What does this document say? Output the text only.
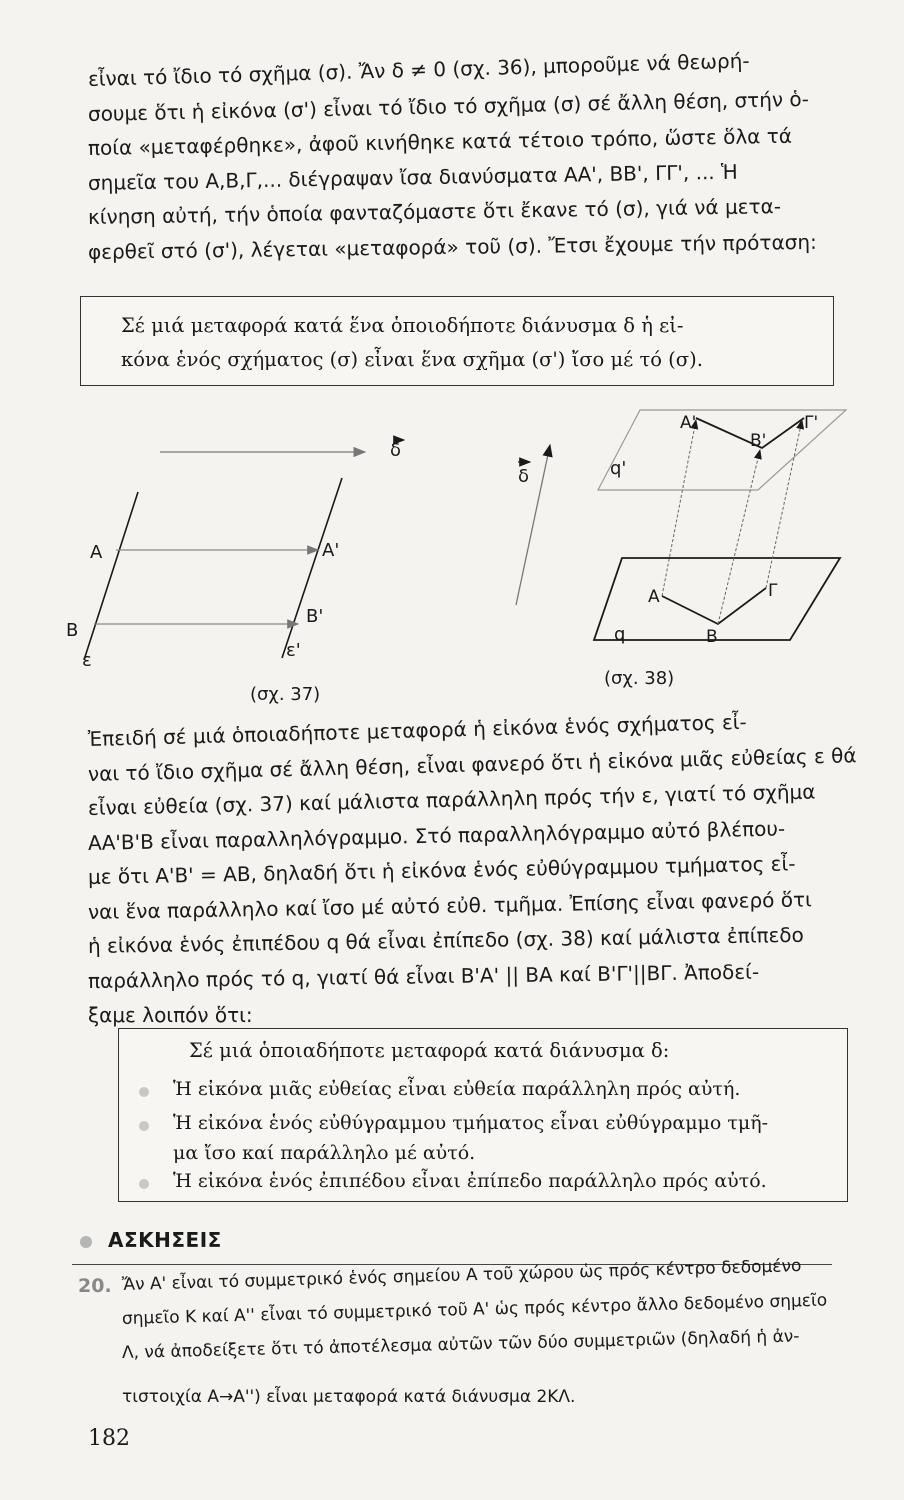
εἶναι τό ἴδιο τό σχῆμα (σ). Ἄν δ ≠ 0 (σχ. 36), μποροῦμε νά θεωρή-
σουμε ὅτι ἡ εἰκόνα (σ') εἶναι τό ἴδιο τό σχῆμα (σ) σέ ἄλλη θέση, στήν ὁ-
ποία «μεταφέρθηκε», ἀφοῦ κινήθηκε κατά τέτοιο τρόπο, ὥστε ὅλα τά
σημεῖα του Α,Β,Γ,... διέγραψαν ἴσα διανύσματα ΑΑ', ΒΒ', ΓΓ', ... Ἡ
κίνηση αὐτή, τήν ὁποία φανταζόμαστε ὅτι ἔκανε τό (σ), γιά νά μετα-
φερθεῖ στό (σ'), λέγεται «μεταφορά» τοῦ (σ). Ἔτσι ἔχουμε τήν πρόταση:
Σέ μιά μεταφορά κατά ἕνα ὁποιοδήποτε διάνυσμα δ ἡ εἰ-
κόνα ἑνός σχήματος (σ) εἶναι ἕνα σχῆμα (σ') ἴσο μέ τό (σ).
δ
Α	Α'
Β
Β'
ε	ε'
(σχ. 37)
δ	q'
Α'
Β'
Γ'
Α
Β
Γ
q
(σχ. 38)
Ἐπειδή σέ μιά ὁποιαδήποτε μεταφορά ἡ εἰκόνα ἑνός σχήματος εἶ-
ναι τό ἴδιο σχῆμα σέ ἄλλη θέση, εἶναι φανερό ὅτι ἡ εἰκόνα μιᾶς εὐθείας ε θά
εἶναι εὐθεία (σχ. 37) καί μάλιστα παράλληλη πρός τήν ε, γιατί τό σχῆμα
ΑΑ'Β'Β εἶναι παραλληλόγραμμο. Στό παραλληλόγραμμο αὐτό βλέπου-
με ὅτι Α'Β' = ΑΒ, δηλαδή ὅτι ἡ εἰκόνα ἑνός εὐθύγραμμου τμήματος εἶ-
ναι ἕνα παράλληλο καί ἴσο μέ αὐτό εὐθ. τμῆμα. Ἐπίσης εἶναι φανερό ὅτι
ἡ εἰκόνα ἑνός ἐπιπέδου q θά εἶναι ἐπίπεδο (σχ. 38) καί μάλιστα ἐπίπεδο
παράλληλο πρός τό q, γιατί θά εἶναι Β'Α' || ΒΑ καί Β'Γ'||ΒΓ. Ἀποδεί-
ξαμε λοιπόν ὅτι:
Σέ μιά ὁποιαδήποτε μεταφορά κατά διάνυσμα δ:
Ἡ εἰκόνα μιᾶς εὐθείας εἶναι εὐθεία παράλληλη πρός αὐτή.
Ἡ εἰκόνα ἑνός εὐθύγραμμου τμήματος εἶναι εὐθύγραμμο τμῆ-
μα ἴσο καί παράλληλο μέ αὐτό.
Ἡ εἰκόνα ἑνός ἐπιπέδου εἶναι ἐπίπεδο παράλληλο πρός αὐτό.
ΑΣΚΗΣΕΙΣ
20. Ἄν Α' εἶναι τό συμμετρικό ἑνός σημείου Α τοῦ χώρου ὡς πρός κέντρο δεδομένο
σημεῖο Κ καί Α'' εἶναι τό συμμετρικό τοῦ Α' ὡς πρός κέντρο ἄλλο δεδομένο σημεῖο
Λ, νά ἀποδείξετε ὅτι τό ἀποτέλεσμα αὐτῶν τῶν δύο συμμετριῶν (δηλαδή ἡ ἀν-
τιστοιχία Α→Α'') εἶναι μεταφορά κατά διάνυσμα 2ΚΛ.
182
